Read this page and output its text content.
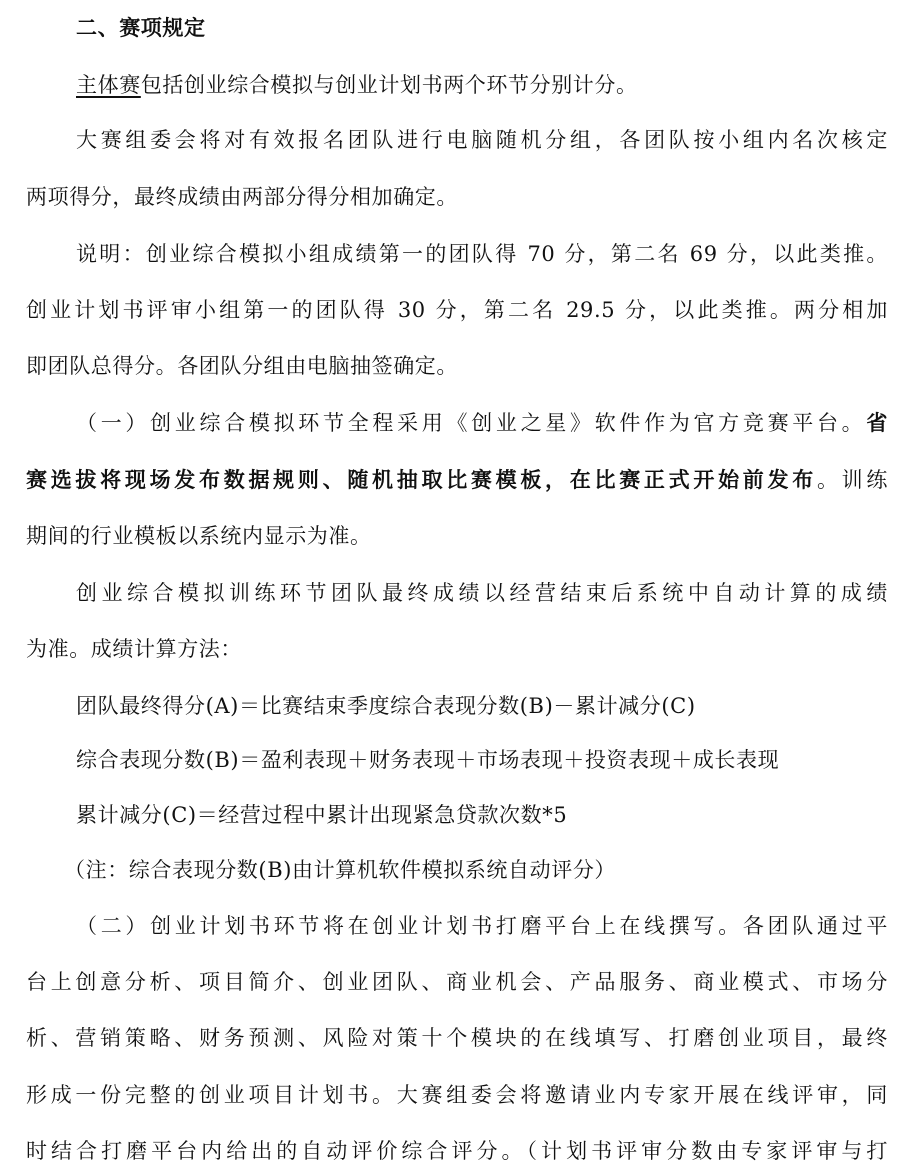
二、赛项规定
主体赛包括创业综合模拟与创业计划书两个环节分别计分。
大赛组委会将对有效报名团队进行电脑随机分组，各团队按小组内名次核定
两项得分，最终成绩由两部分得分相加确定。
说明：创业综合模拟小组成绩第一的团队得 70 分，第二名 69 分，以此类推。
创业计划书评审小组第一的团队得 30 分，第二名 29.5 分，以此类推。两分相加
即团队总得分。各团队分组由电脑抽签确定。
（一）创业综合模拟环节全程采用《创业之星》软件作为官方竞赛平台。省
赛选拔将现场发布数据规则、随机抽取比赛模板，在比赛正式开始前发布。训练
期间的行业模板以系统内显示为准。
创业综合模拟训练环节团队最终成绩以经营结束后系统中自动计算的成绩
为准。成绩计算方法：
团队最终得分(A)＝比赛结束季度综合表现分数(B)－累计减分(C)
综合表现分数(B)＝盈利表现＋财务表现＋市场表现＋投资表现＋成长表现
累计减分(C)＝经营过程中累计出现紧急贷款次数*5
（注：综合表现分数(B)由计算机软件模拟系统自动评分）
（二）创业计划书环节将在创业计划书打磨平台上在线撰写。各团队通过平
台上创意分析、项目简介、创业团队、商业机会、产品服务、商业模式、市场分
析、营销策略、财务预测、风险对策十个模块的在线填写、打磨创业项目，最终
形成一份完整的创业项目计划书。大赛组委会将邀请业内专家开展在线评审，同
时结合打磨平台内给出的自动评价综合评分。（计划书评审分数由专家评审与打
